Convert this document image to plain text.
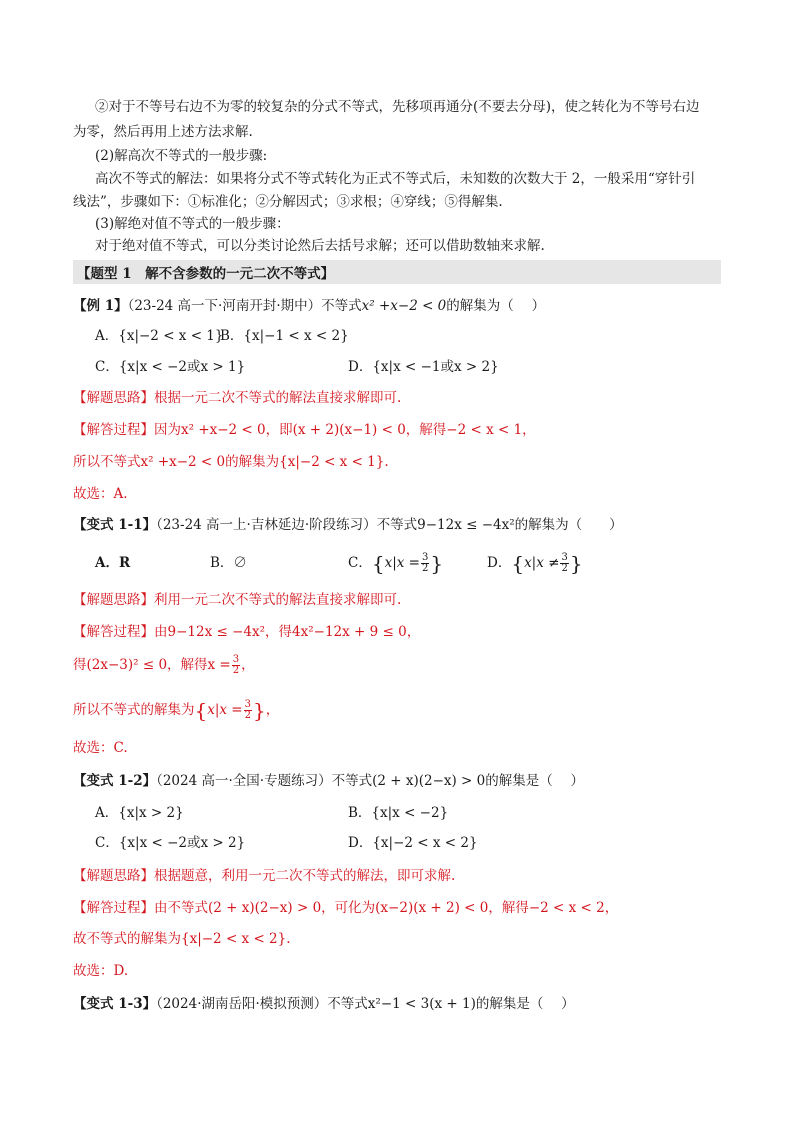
②对于不等号右边不为零的较复杂的分式不等式，先移项再通分(不要去分母)，使之转化为不等号右边
为零，然后再用上述方法求解.
(2)解高次不等式的一般步骤:
高次不等式的解法：如果将分式不等式转化为正式不等式后，未知数的次数大于 2，一般采用“穿针引
线法”，步骤如下：①标准化；②分解因式；③求根；④穿线；⑤得解集.
(3)解绝对值不等式的一般步骤：
对于绝对值不等式，可以分类讨论然后去括号求解；还可以借助数轴来求解.
【题型 1　解不含参数的一元二次不等式】
【例 1】（23-24 高一下·河南开封·期中）不等式x² +x−2 < 0的解集为（　 ）
A．{x|−2 < x < 1}
B．{x|−1 < x < 2}
C．{x|x < −2或x > 1}	D．{x|x < −1或x > 2}
【解题思路】根据一元二次不等式的解法直接求解即可.
【解答过程】因为x² +x−2 < 0，即(x + 2)(x−1) < 0，解得−2 < x < 1，
所以不等式x² +x−2 < 0的解集为{x|−2 < x < 1}.
故选：A.
【变式 1-1】（23-24 高一上·吉林延边·阶段练习）不等式9−12x ≤ −4x²的解集为（　　）
A．R	B．∅	C．{$x|x = \frac{3}{2}$ }	D．{$x|x \ne \frac{3}{2}$ }
【解题思路】利用一元二次不等式的解法直接求解即可.
【解答过程】由9−12x ≤ −4x²，得4x²−12x + 9 ≤ 0，
得(2x−3)² ≤ 0，解得$x = \frac{3}{2}$ ，
所以不等式的解集为{$x|x = \frac{3}{2}$ }，
故选：C.
【变式 1-2】（2024 高一·全国·专题练习）不等式(2 + x)(2−x) > 0的解集是（　 ）
A．{x|x > 2}	B．{x|x < −2}
C．{x|x < −2或x > 2}	D．{x|−2 < x < 2}
【解题思路】根据题意，利用一元二次不等式的解法，即可求解.
【解答过程】由不等式(2 + x)(2−x) > 0，可化为(x−2)(x + 2) < 0，解得−2 < x < 2，
故不等式的解集为{x|−2 < x < 2}.
故选：D.
【变式 1-3】（2024·湖南岳阳·模拟预测）不等式x²−1 < 3(x + 1)的解集是（　 ）
